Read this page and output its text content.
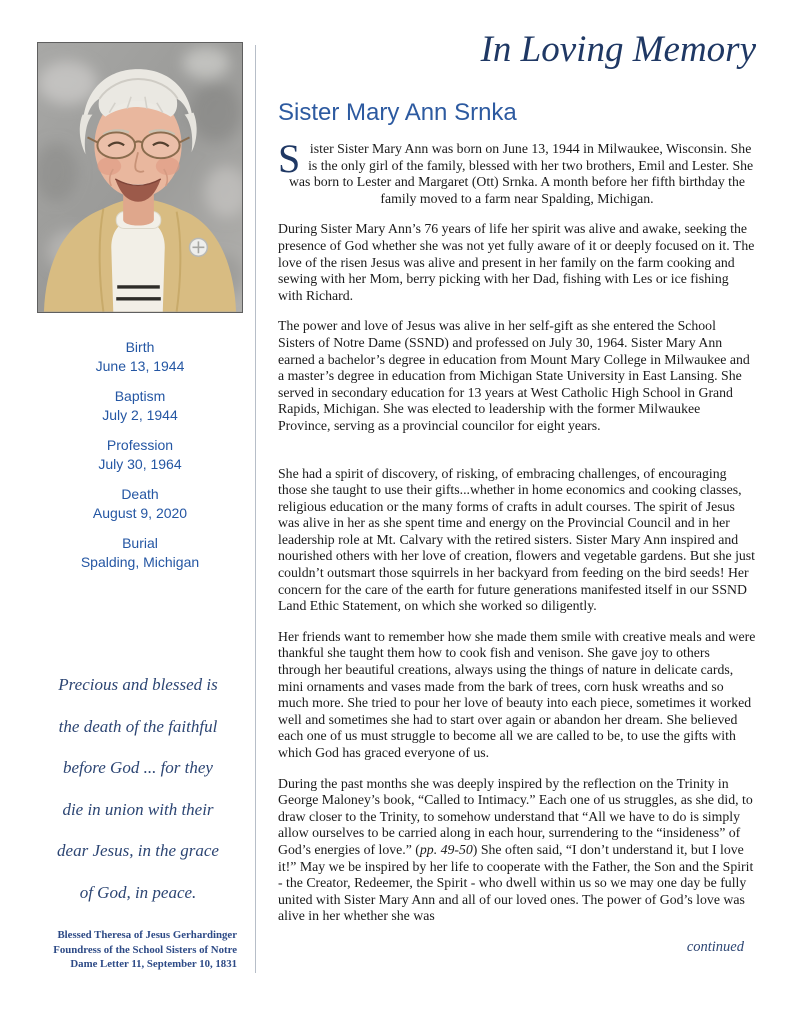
Birth
June 13, 1944
Baptism
July 2, 1944
Profession
July 30, 1964
Death
August 9, 2020
Burial
Spalding, Michigan
Precious and blessed is
the death of the faithful
before God ... for they
die in union with their
dear Jesus, in the grace
of God, in peace.
Blessed Theresa of Jesus Gerhardinger
Foundress of the School Sisters of Notre
Dame Letter 11, September 10, 1831
In Loving Memory
Sister Mary Ann Srnka

Sister Sister Mary Ann was born on June 13, 1944 in Milwaukee, Wisconsin. She is the only girl of the family, blessed with her two brothers, Emil and Lester. She was born to Lester and Margaret (Ott) Srnka. A month before her fifth birthday the family moved to a farm near Spalding, Michigan.

During Sister Mary Ann’s 76 years of life her spirit was alive and awake, seeking the presence of God whether she was not yet fully aware of it or deeply focused on it. The love of the risen Jesus was alive and present in her family on the farm cooking and sewing with her Mom, berry picking with her Dad, fishing with Les or ice fishing with Richard.

The power and love of Jesus was alive in her self-gift as she entered the School Sisters of Notre Dame (SSND) and professed on July 30, 1964. Sister Mary Ann earned a bachelor’s degree in education from Mount Mary College in Milwaukee and a master’s degree in education from Michigan State University in East Lansing. She served in secondary education for 13 years at West Catholic High School in Grand Rapids, Michigan. She was elected to leadership with the former Milwaukee Province, serving as a provincial councilor for eight years.

She had a spirit of discovery, of risking, of embracing challenges, of encouraging those she taught to use their gifts...whether in home economics and cooking classes, religious education or the many forms of crafts in adult courses. The spirit of Jesus was alive in her as she spent time and energy on the Provincial Council and in her leadership role at Mt. Calvary with the retired sisters. Sister Mary Ann inspired and nourished others with her love of creation, flowers and vegetable gardens. But she just couldn’t outsmart those squirrels in her backyard from feeding on the bird seeds! Her concern for the care of the earth for future generations manifested itself in our SSND Land Ethic Statement, on which she worked so diligently.

Her friends want to remember how she made them smile with creative meals and were thankful she taught them how to cook fish and venison. She gave joy to others through her beautiful creations, always using the things of nature in delicate cards, mini ornaments and vases made from the bark of trees, corn husk wreaths and so much more. She tried to pour her love of beauty into each piece, sometimes it worked well and sometimes she had to start over again or abandon her dream. She believed each one of us must struggle to become all we are called to be, to use the gifts with which God has graced everyone of us.

During the past months she was deeply inspired by the reflection on the Trinity in George Maloney’s book, “Called to Intimacy.” Each one of us struggles, as she did, to draw closer to the Trinity, to somehow understand that “All we have to do is simply allow ourselves to be carried along in each hour, surrendering to the “insideness” of God’s energies of love.” (pp. 49-50) She often said, “I don’t understand it, but I love it!” May we be inspired by her life to cooperate with the Father, the Son and the Spirit - the Creator, Redeemer, the Spirit - who dwell within us so we may one day be fully united with Sister Mary Ann and all of our loved ones. The power of God’s love was alive in her whether she was

continued
